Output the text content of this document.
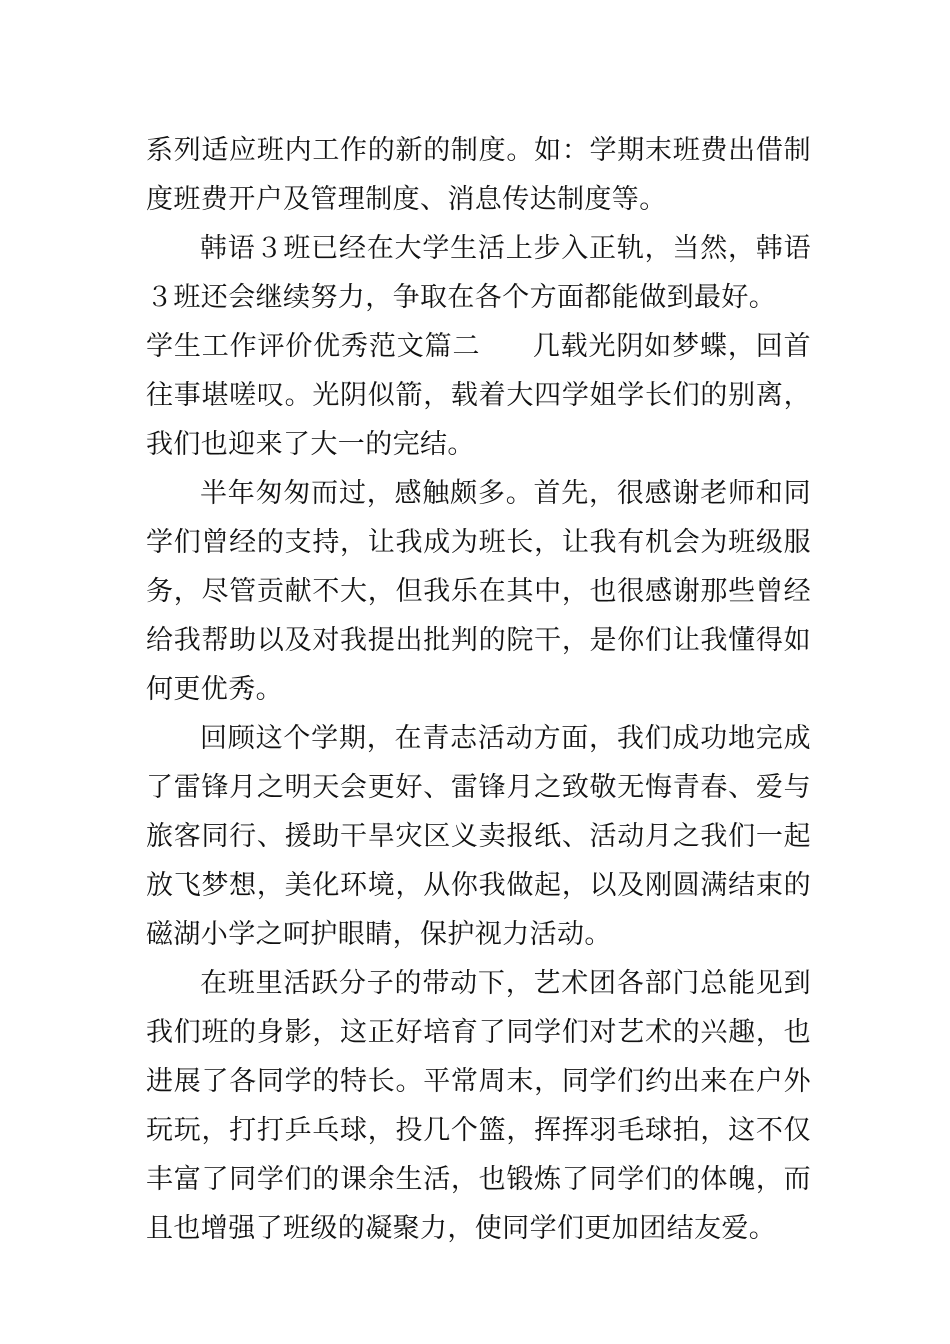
系列适应班内工作的新的制度。如：学期末班费出借制度班费开户及管理制度、消息传达制度等。

韩语３班已经在大学生活上步入正轨，当然，韩语３班还会继续努力，争取在各个方面都能做到最好。

学生工作评价优秀范文篇二 几载光阴如梦蝶，回首往事堪嗟叹。光阴似箭，载着大四学姐学长们的别离，我们也迎来了大一的完结。

半年匆匆而过，感触颇多。首先，很感谢老师和同学们曾经的支持，让我成为班长，让我有机会为班级服务，尽管贡献不大，但我乐在其中，也很感谢那些曾经给我帮助以及对我提出批判的院干，是你们让我懂得如何更优秀。

回顾这个学期，在青志活动方面，我们成功地完成了雷锋月之明天会更好、雷锋月之致敬无悔青春、爱与旅客同行、援助干旱灾区义卖报纸、活动月之我们一起放飞梦想，美化环境，从你我做起，以及刚圆满结束的磁湖小学之呵护眼睛，保护视力活动。

在班里活跃分子的带动下，艺术团各部门总能见到我们班的身影，这正好培育了同学们对艺术的兴趣，也进展了各同学的特长。平常周末，同学们约出来在户外玩玩，打打乒乓球，投几个篮，挥挥羽毛球拍，这不仅丰富了同学们的课余生活，也锻炼了同学们的体魄，而且也增强了班级的凝聚力，使同学们更加团结友爱。
